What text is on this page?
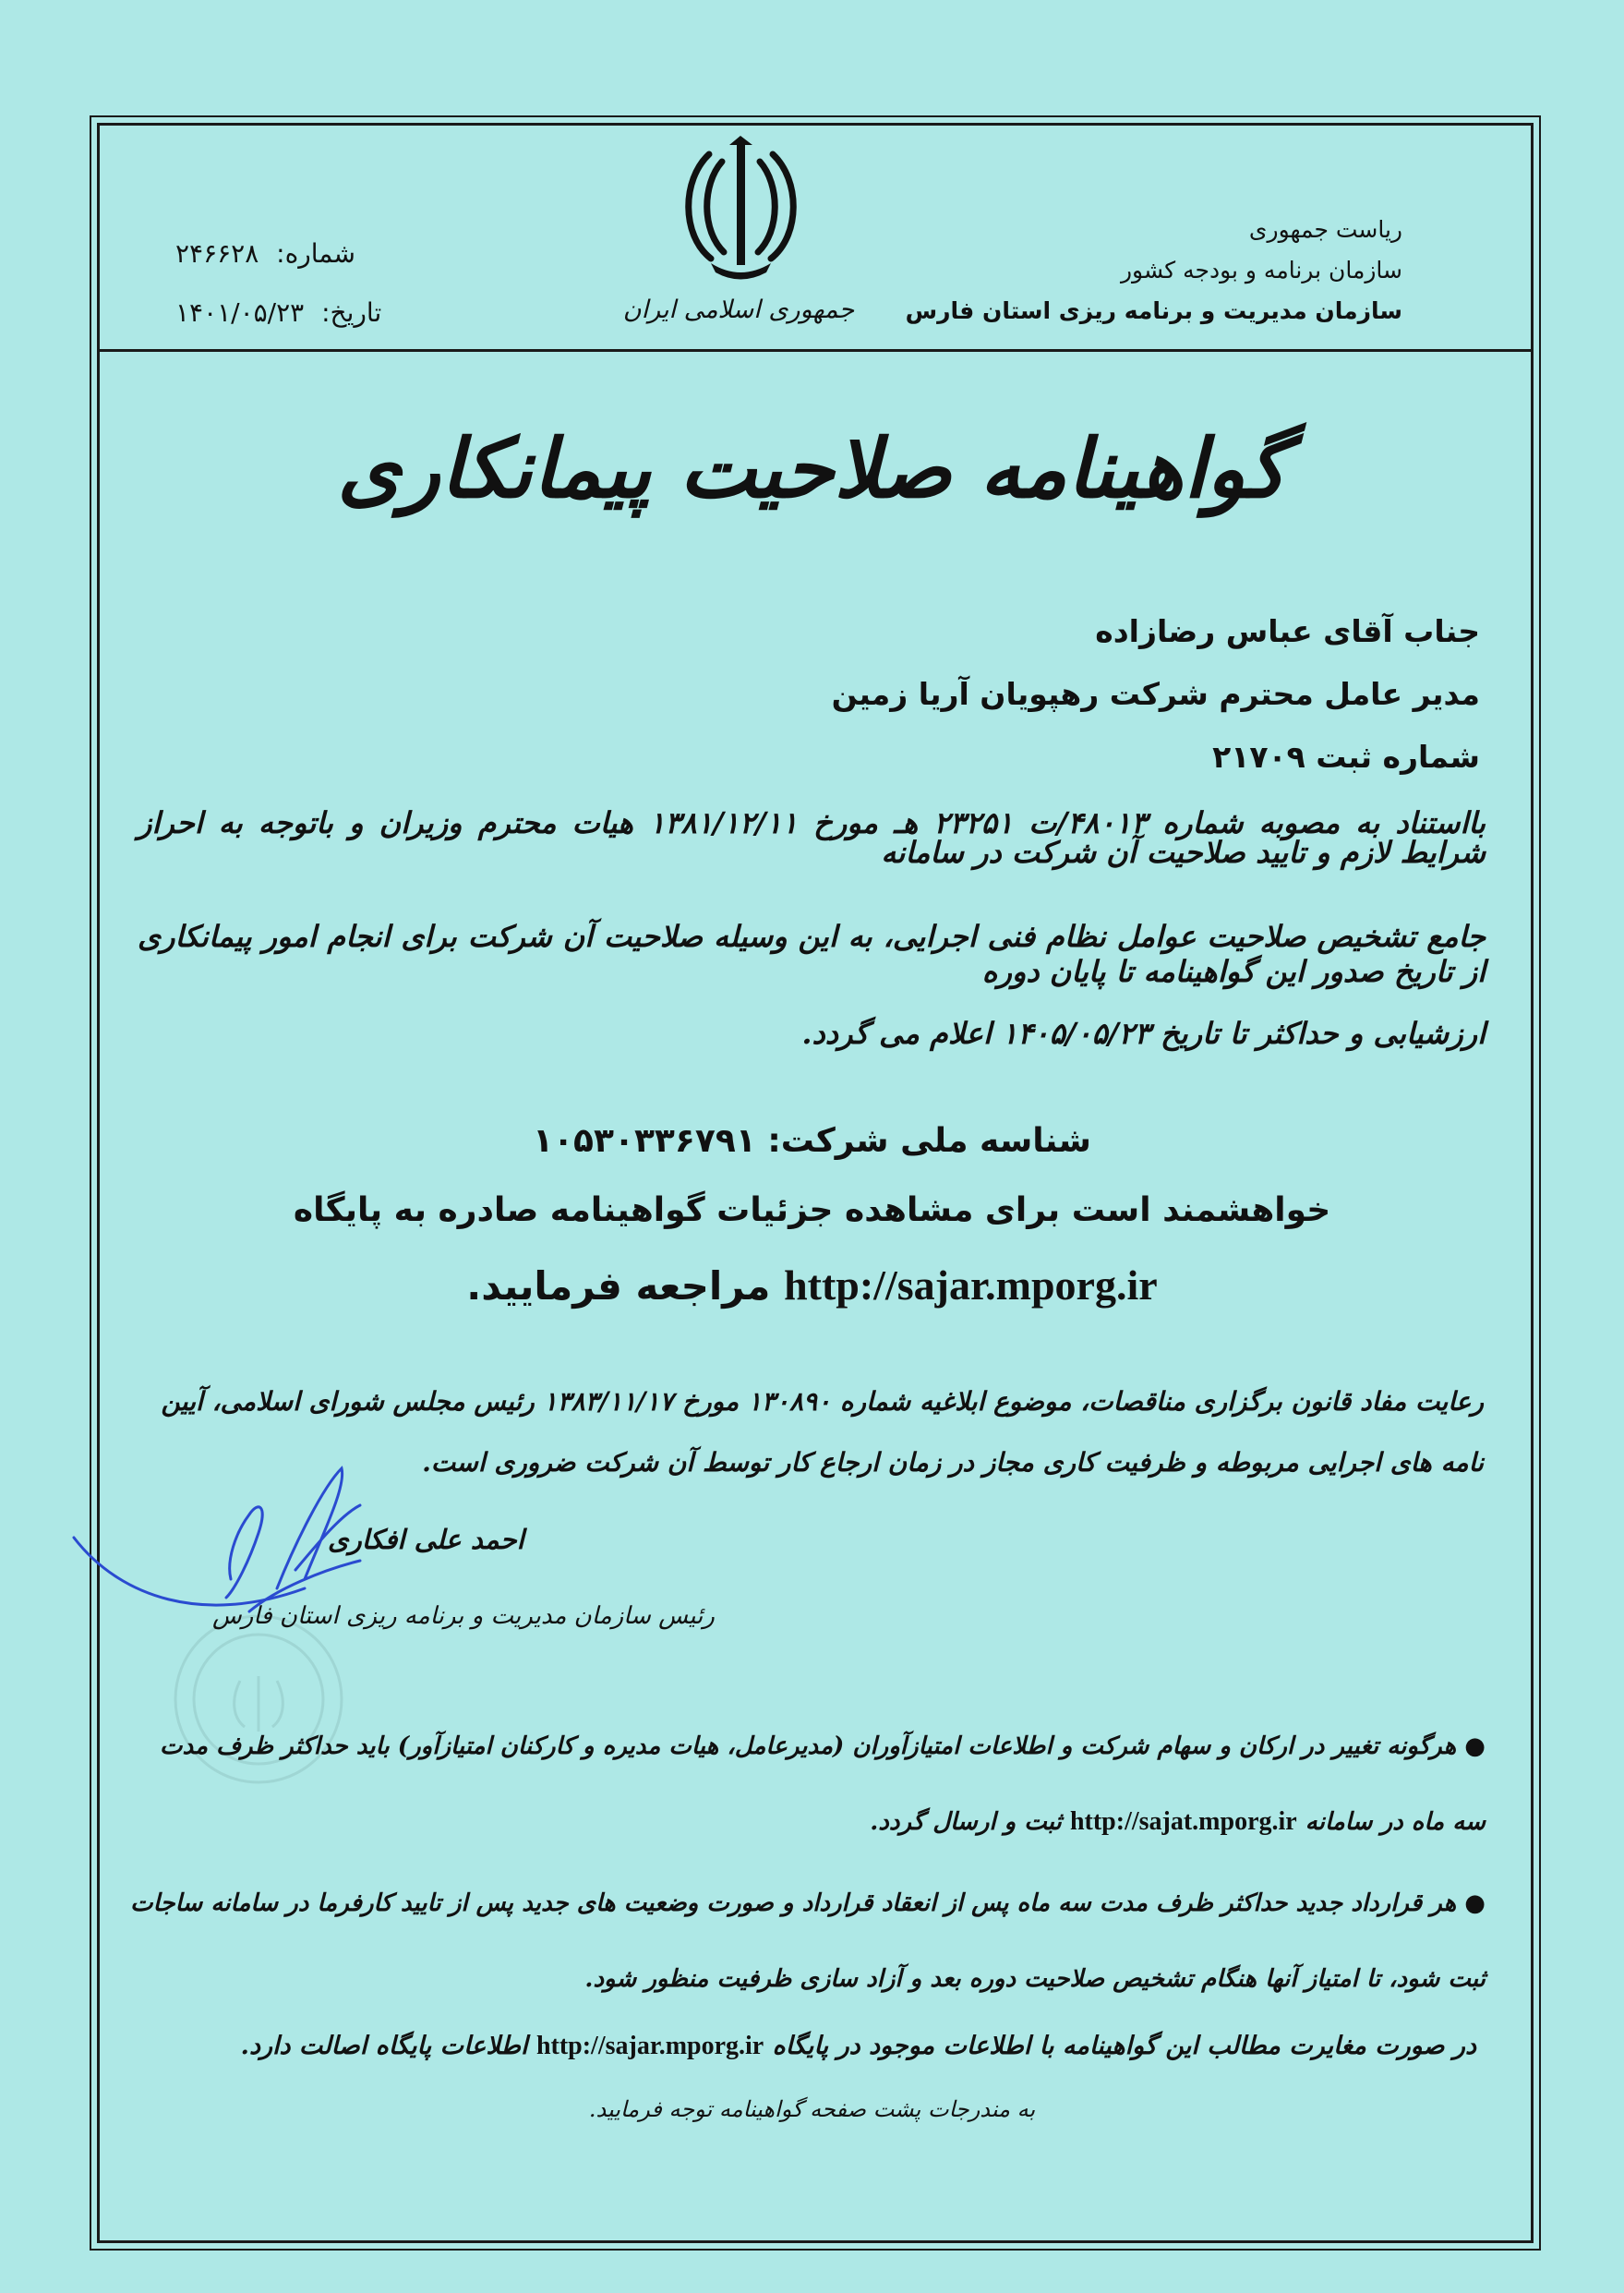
جمهوری اسلامی ایران
ریاست جمهوری
سازمان برنامه و بودجه کشور
سازمان مدیریت و برنامه ریزی استان فارس
شماره: ۲۴۶۶۲۸
تاریخ: ۱۴۰۱/۰۵/۲۳
گواهینامه صلاحیت پیمانکاری
جناب آقای عباس رضازاده
مدیر عامل محترم شرکت رهپویان آریا زمین
شماره ثبت ۲۱۷۰۹
بااستناد به مصوبه شماره ۴۸۰۱۳/ت ۲۳۲۵۱ هـ مورخ ۱۳۸۱/۱۲/۱۱ هیات محترم وزیران و باتوجه به احراز شرایط لازم و تایید صلاحیت آن شرکت در سامانه
جامع تشخیص صلاحیت عوامل نظام فنی اجرایی، به این وسیله صلاحیت آن شرکت برای انجام امور پیمانکاری از تاریخ صدور این گواهینامه تا پایان دوره
ارزشیابی و حداکثر تا تاریخ ۱۴۰۵/۰۵/۲۳ اعلام می گردد.
شناسه ملی شرکت: ۱۰۵۳۰۳۳۶۷۹۱
خواهشمند است برای مشاهده جزئیات گواهینامه صادره به پایگاه
http://sajar.mporg.ir مراجعه فرمایید.
رعایت مفاد قانون برگزاری مناقصات، موضوع ابلاغیه شماره ۱۳۰۸۹۰ مورخ ۱۳۸۳/۱۱/۱۷ رئیس مجلس شورای اسلامی، آیین نامه های اجرایی مربوطه و ظرفیت کاری مجاز در زمان ارجاع کار توسط آن شرکت ضروری است.
احمد علی افکاری
رئیس سازمان مدیریت و برنامه ریزی استان فارس
● هرگونه تغییر در ارکان و سهام شرکت و اطلاعات امتیازآوران (مدیرعامل، هیات مدیره و کارکنان امتیازآور) باید حداکثر ظرف مدت سه ماه در سامانه http://sajat.mporg.ir ثبت و ارسال گردد.
● هر قرارداد جدید حداکثر ظرف مدت سه ماه پس از انعقاد قرارداد و صورت وضعیت های جدید پس از تایید کارفرما در سامانه ساجات ثبت شود، تا امتیاز آنها هنگام تشخیص صلاحیت دوره بعد و آزاد سازی ظرفیت منظور شود.
در صورت مغایرت مطالب این گواهینامه با اطلاعات موجود در پایگاه http://sajar.mporg.ir اطلاعات پایگاه اصالت دارد.
به مندرجات پشت صفحه گواهینامه توجه فرمایید.
